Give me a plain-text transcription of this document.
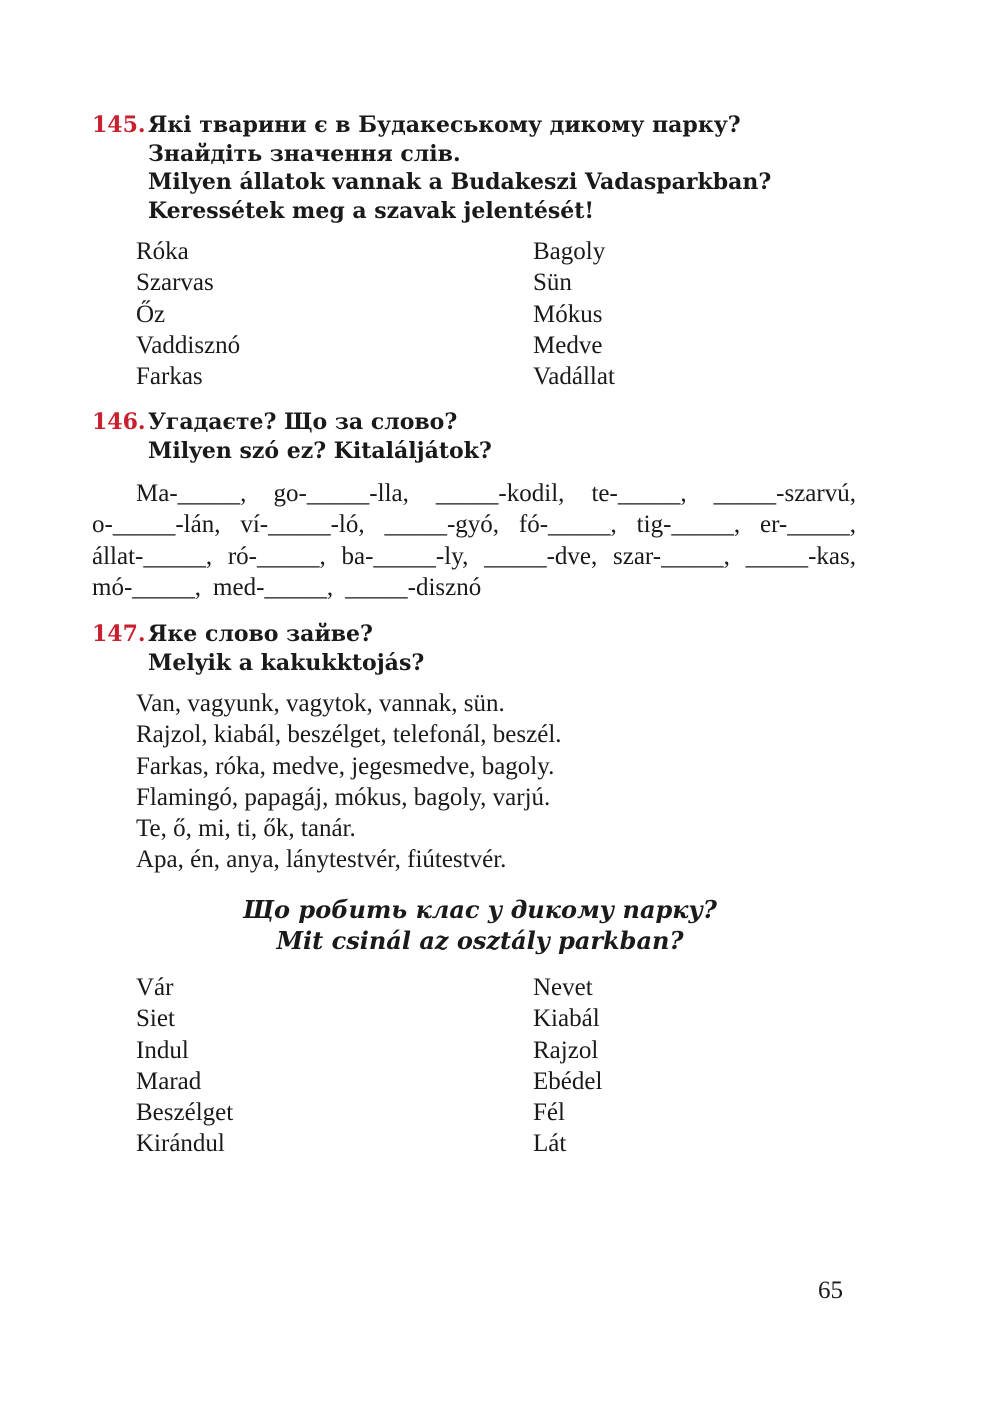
145. Які тварини є в Будакеському дикому парку?
Знайдіть значення слів.
Milyen állatok vannak a Budakeszi Vadasparkban?
Keressétek meg a szavak jelentését!
Róka
Szarvas
Őz
Vaddisznó
Farkas
Bagoly
Sün
Mókus
Medve
Vadállat
146. Угадаєте? Що за слово?
Milyen szó ez? Kitaláljátok?
Ma-_____, go-_____-lla, _____-kodil, te-_____, _____-szarvú,
o-_____-lán, ví-_____-ló, _____-gyó, fó-_____, tig-_____, er-_____,
állat-_____, ró-_____, ba-_____-ly, _____-dve, szar-_____, _____-kas,
mó-_____, med-_____, _____-disznó
147. Яке слово зайве?
Melyik a kakukktojás?
Van, vagyunk, vagytok, vannak, sün.
Rajzol, kiabál, beszélget, telefonál, beszél.
Farkas, róka, medve, jegesmedve, bagoly.
Flamingó, papagáj, mókus, bagoly, varjú.
Te, ő, mi, ti, ők, tanár.
Apa, én, anya, lánytestvér, fiútestvér.
Що робить клас у дикому парку?
Mit csinál az osztály parkban?
Vár
Siet
Indul
Marad
Beszélget
Kirándul
Nevet
Kiabál
Rajzol
Ebédel
Fél
Lát
65
